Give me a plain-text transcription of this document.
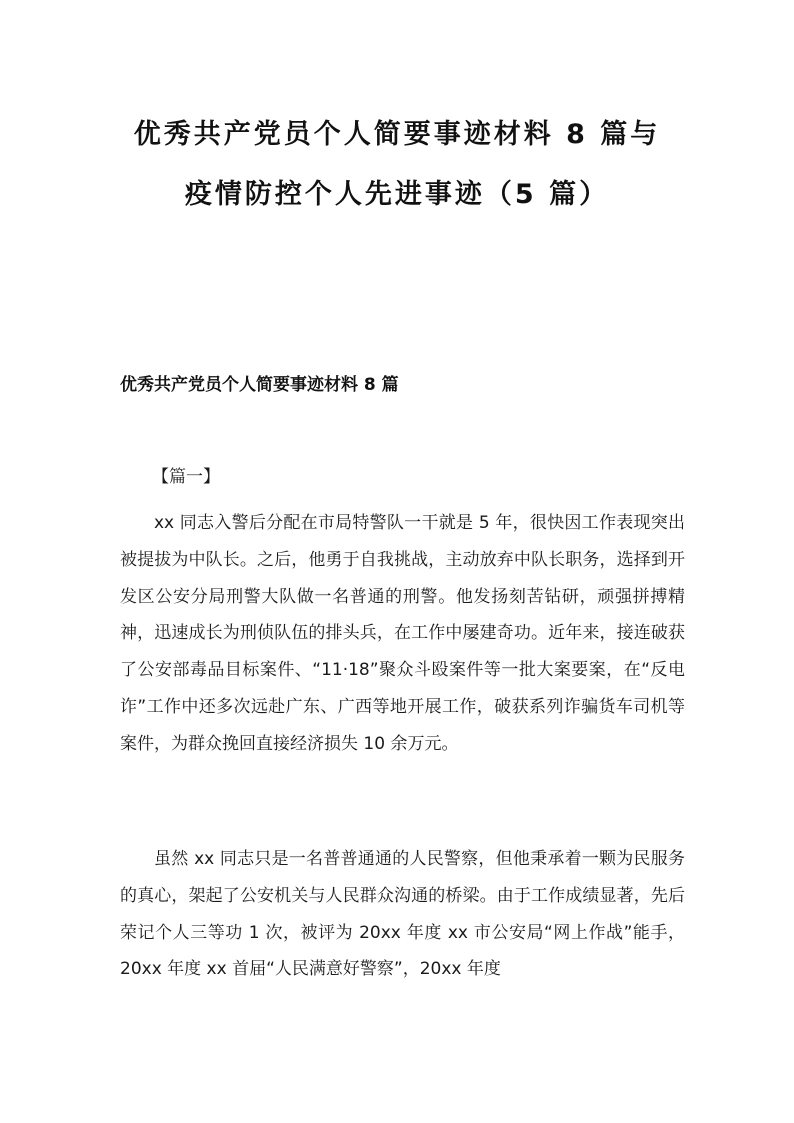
优秀共产党员个人简要事迹材料 8 篇与
疫情防控个人先进事迹（5 篇）
优秀共产党员个人简要事迹材料 8 篇

【篇一】

xx 同志入警后分配在市局特警队一干就是 5 年，很快因工作表现突出被提拔为中队长。之后，他勇于自我挑战，主动放弃中队长职务，选择到开发区公安分局刑警大队做一名普通的刑警。他发扬刻苦钻研，顽强拼搏精神，迅速成长为刑侦队伍的排头兵，在工作中屡建奇功。近年来，接连破获了公安部毒品目标案件、“11·18”聚众斗殴案件等一批大案要案，在“反电诈”工作中还多次远赴广东、广西等地开展工作，破获系列诈骗货车司机等案件，为群众挽回直接经济损失 10 余万元。

虽然 xx 同志只是一名普普通通的人民警察，但他秉承着一颗为民服务的真心，架起了公安机关与人民群众沟通的桥梁。由于工作成绩显著，先后荣记个人三等功 1 次，被评为 20xx 年度 xx 市公安局“网上作战”能手，20xx 年度 xx 首届“人民满意好警察”，20xx 年度
